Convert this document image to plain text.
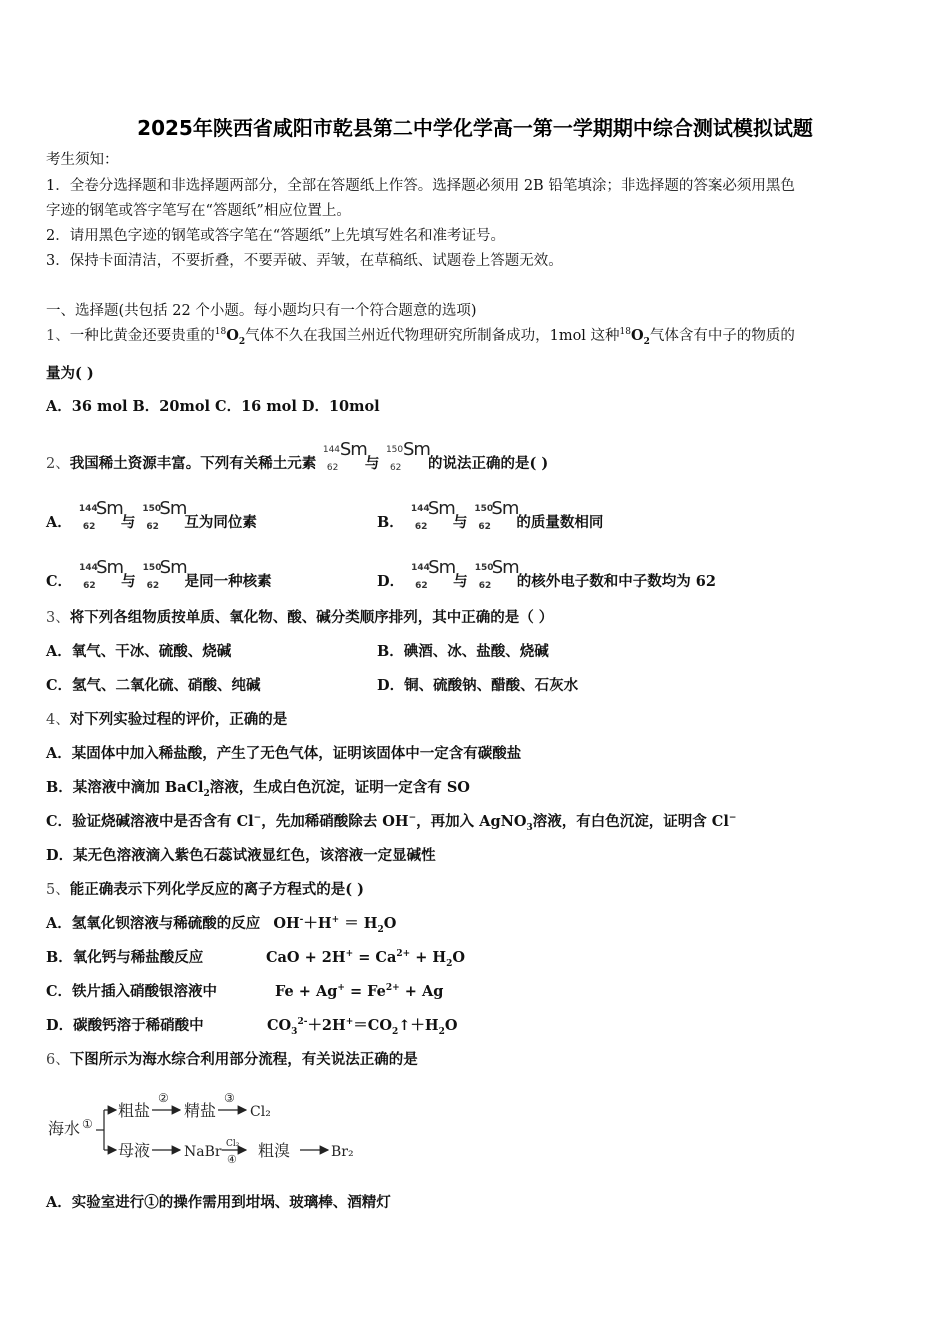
2025年陕西省咸阳市乾县第二中学化学高一第一学期期中综合测试模拟试题
考生须知：
1．全卷分选择题和非选择题两部分，全部在答题纸上作答。选择题必须用 2B 铅笔填涂；非选择题的答案必须用黑色
字迹的钢笔或答字笔写在“答题纸”相应位置上。
2．请用黑色字迹的钢笔或答字笔在“答题纸”上先填写姓名和准考证号。
3．保持卡面清洁，不要折叠，不要弄破、弄皱，在草稿纸、试题卷上答题无效。
一、选择题(共包括 22 个小题。每小题均只有一个符合题意的选项)
1、一种比黄金还要贵重的$^{18}O_2$气体不久在我国兰州近代物理研究所制备成功，1mol 这种$^{18}O_2$气体含有中子的物质的
量为( )
A．36 mol B．20mol C．16 mol D．10mol
2、我国稀土资源丰富。下列有关稀土元素
144
62
Sm
与
150
62
Sm
的说法正确的是( )
A．
144
62
Sm
与
150
62
Sm
互为同位素	B．
144
62
Sm
与
150
62
Sm
的质量数相同
C．
144
62
Sm
与
150
62
Sm
是同一种核素	D．
144
62
Sm
与
150
62
Sm
的核外电子数和中子数均为 62
3、将下列各组物质按单质、氧化物、酸、碱分类顺序排列，其中正确的是（ ）
A．氧气、干冰、硫酸、烧碱	B．碘酒、冰、盐酸、烧碱
C．氢气、二氧化硫、硝酸、纯碱	D．铜、硫酸钠、醋酸、石灰水
4、对下列实验过程的评价，正确的是
A．某固体中加入稀盐酸，产生了无色气体，证明该固体中一定含有碳酸盐
B．某溶液中滴加 BaCl$_2$溶液，生成白色沉淀，证明一定含有 SO
C．验证烧碱溶液中是否含有 Cl−，先加稀硝酸除去 OH−，再加入 AgNO$_3$溶液，有白色沉淀，证明含 Cl−
D．某无色溶液滴入紫色石蕊试液显红色，该溶液一定显碱性
5、能正确表示下列化学反应的离子方程式的是( )
A．氢氧化钡溶液与稀硫酸的反应 $OH^-+H^+ = H_2O$
B．氧化钙与稀盐酸反应	CaO + $2H^+ = Ca^{2+} + H_2O$
C．铁片插入硝酸银溶液中	$Fe + Ag^+ = Fe^{2+} + Ag$
D．碳酸钙溶于稀硝酸中	$CO_3^{2-}+2H^+=CO_2↑+H_2O$
6、下图所示为海水综合利用部分流程，有关说法正确的是
海水 ①
粗盐
②
精盐
③
Cl₂
母液 NaBr Cl₂
④ 粗溴	Br₂
A．实验室进行①的操作需用到坩埚、玻璃棒、酒精灯
